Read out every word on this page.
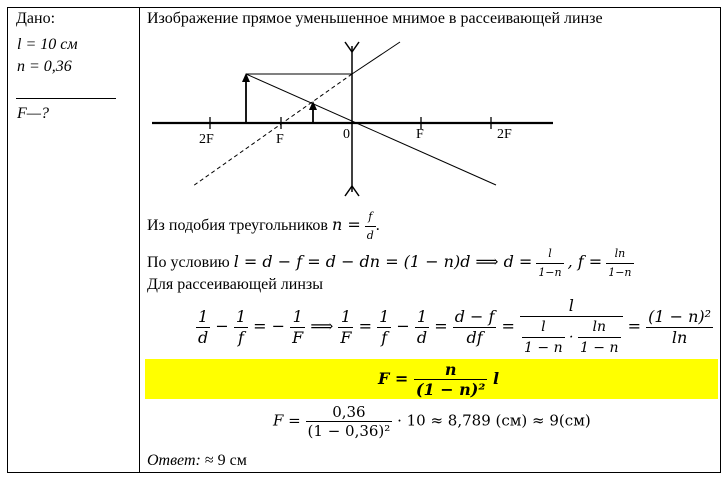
Дано:
l = 10 см
n = 0,36
F—?
Изображение прямое уменьшенное мнимое в рассеивающей линзе
2F	F	0	F	2F
Из подобия треугольников $n = \frac{f}{d}$ .
По условию l = d − f = d − dn = (1 − n)d ⟹ $d = \frac{l}{1-n}$ , $f = \frac{\ln}{1-n}$
Для рассеивающей линзы
$\frac{1}{d} - \frac{1}{f}$ = − $\frac{1}{F}$ ⟹ $\frac{1}{F} = \frac{1}{f} - \frac{1}{d} = \frac{d - f}{df} = \frac{l}{\frac{l}{1 - n} \cdot \frac{\ln}{1 - n}} = \frac{\text{(1 − n)²}}{\ln}$
$F = \frac{n}{\text{(1 − n)²}}$ l
$F = \frac{0,36}{\text{(1 − 0,36)²}} \cdot 10 \approx 8,789$ (см) ≈ 9(см)
Ответ: ≈ 9 см
